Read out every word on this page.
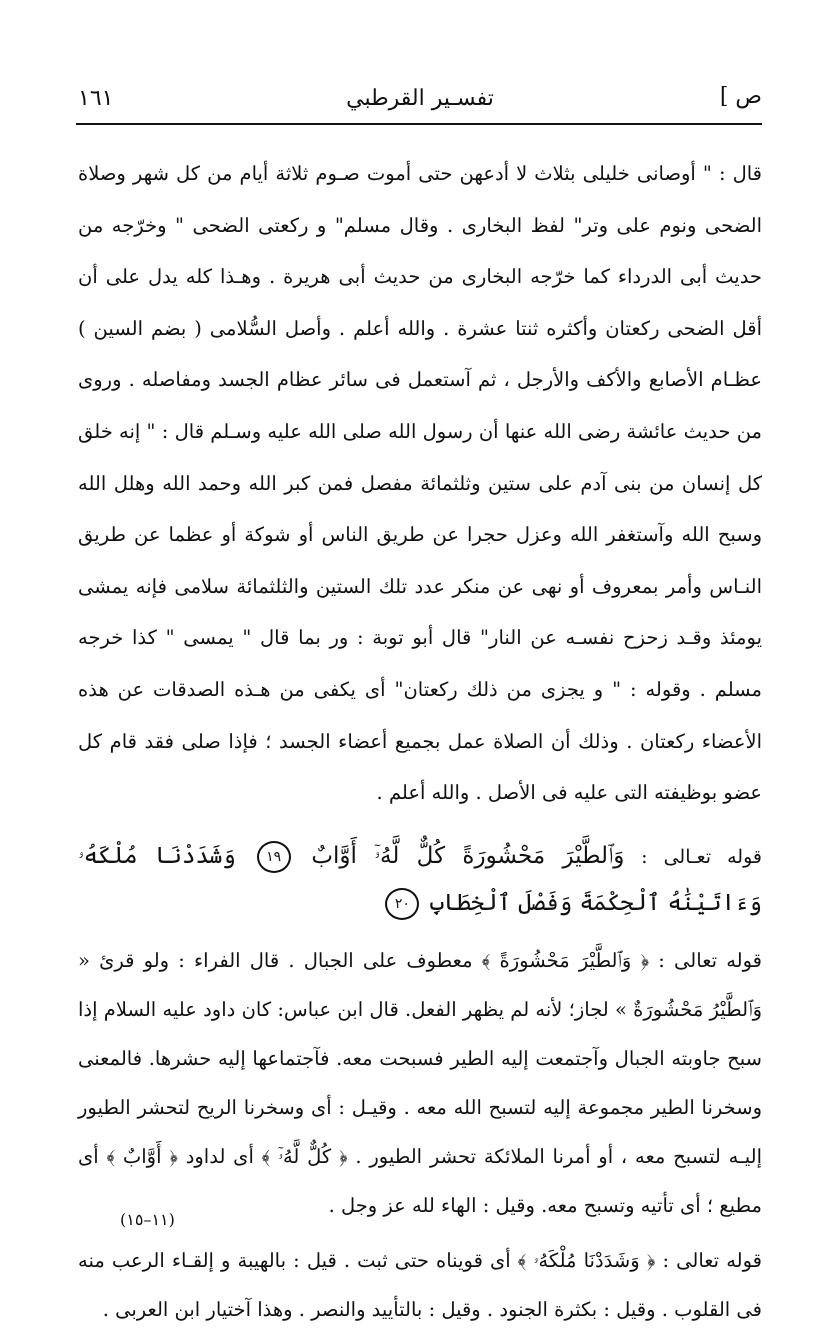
١٦١	تفسـير القرطبي	ص ]

قال : " أوصانى خليلى بثلاث لا أدعهن حتى أموت صـوم ثلاثة أيام من كل شهر وصلاة الضحى ونوم على وتر" لفظ البخارى . وقال مسلم" و ركعتى الضحى " وخرّجه من حديث أبى الدرداء كما خرّجه البخارى من حديث أبى هريرة . وهـذا كله يدل على أن أقل الضحى ركعتان وأكثره ثنتا عشرة . والله أعلم . وأصل السُّلامى ( بضم السين ) عظـام الأصابع والأكف والأرجل ، ثم آستعمل فى سائر عظام الجسد ومفاصله . وروى من حديث عائشة رضى الله عنها أن رسول الله صلى الله عليه وسـلم قال : " إنه خلق كل إنسان من بنى آدم على ستين وثلثمائة مفصل فمن كبر الله وحمد الله وهلل الله وسبح الله وآستغفر الله وعزل حجرا عن طريق الناس أو شوكة أو عظما عن طريق النـاس وأمر بمعروف أو نهى عن منكر عدد تلك الستين والثلثمائة سلامى فإنه يمشى يومئذ وقـد زحزح نفسـه عن النار" قال أبو توبة : ور بما قال " يمسى " كذا خرجه مسلم . وقوله : " و يجزى من ذلك ركعتان" أى يكفى من هـذه الصدقات عن هذه الأعضاء ركعتان . وذلك أن الصلاة عمل بجميع أعضاء الجسد ؛ فإذا صلى فقد قام كل عضو بوظيفته التى عليه فى الأصل . والله أعلم .

قوله تعـالى : وَٱلطَّيْرَ مَحْشُورَةً كُلٌّ لَّهُۥٓ أَوَّابٌ ١٩ وَشَدَدْنَا مُلْكَهُۥ وَءَاتَيْنَٰهُ ٱلْحِكْمَةَ وَفَصْلَ ٱلْخِطَابِ ٢٠

قوله تعالى : ﴿ وَٱلطَّيْرَ مَحْشُورَةً ﴾ معطوف على الجبال . قال الفراء : ولو قرئ « وَٱلطَّيْرُ مَحْشُورَةٌ » لجاز؛ لأنه لم يظهر الفعل. قال ابن عباس: كان داود عليه السلام إذا سبح جاوبته الجبال وآجتمعت إليه الطير فسبحت معه. فآجتماعها إليه حشرها. فالمعنى وسخرنا الطير مجموعة إليه لتسبح الله معه . وقيـل : أى وسخرنا الريح لتحشر الطيور إليـه لتسبح معه ، أو أمرنا الملائكة تحشر الطيور . ﴿ كُلٌّ لَّهُۥٓ ﴾ أى لداود ﴿ أَوَّابٌ ﴾ أى مطيع ؛ أى تأتيه وتسبح معه. وقيل : الهاء لله عز وجل .

قوله تعالى : ﴿ وَشَدَدْنَا مُلْكَهُۥ ﴾ أى قويناه حتى ثبت . قيل : بالهيبة و إلقـاء الرعب منه فى القلوب . وقيل : بكثرة الجنود . وقيل : بالتأييد والنصر . وهذا آختيار ابن العربى .

(١١–١٥)
